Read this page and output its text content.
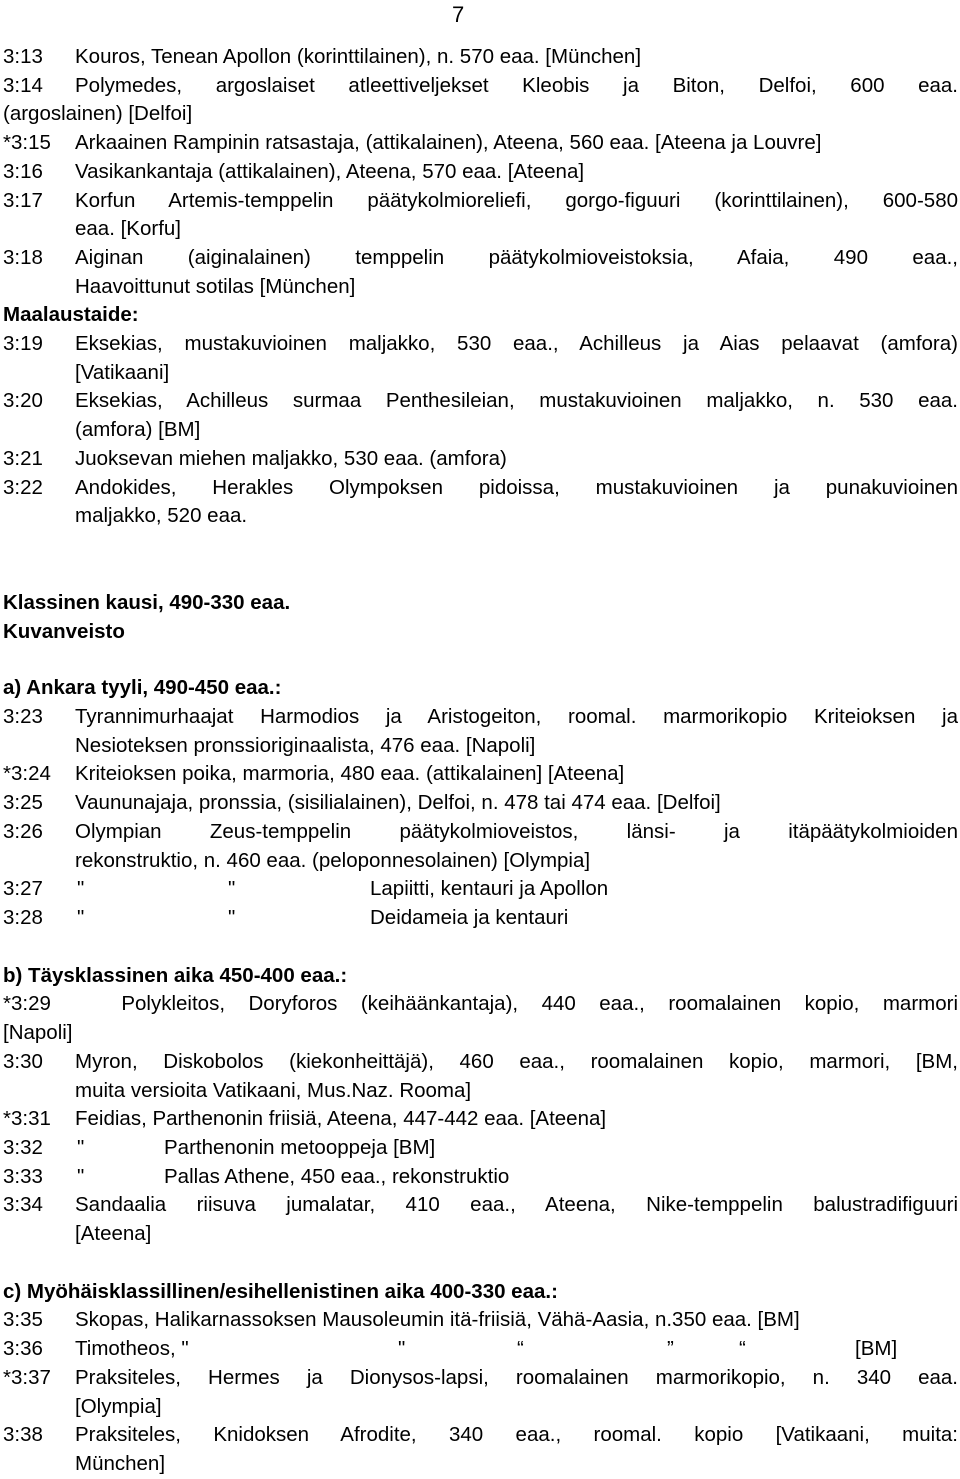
7
3:13	Kouros, Tenean Apollon (korinttilainen), n. 570 eaa. [München]
3:14	Polymedes, argoslaiset atleettiveljekset Kleobis ja Biton, Delfoi, 600 eaa.
(argoslainen) [Delfoi]
*3:15	Arkaainen Rampinin ratsastaja, (attikalainen), Ateena, 560 eaa. [Ateena ja Louvre]
3:16	Vasikankantaja (attikalainen), Ateena, 570 eaa. [Ateena]
3:17	Korfun Artemis-temppelin päätykolmioreliefi, gorgo-figuuri (korinttilainen), 600-580
eaa. [Korfu]
3:18	Aiginan (aiginalainen) temppelin päätykolmioveistoksia, Afaia, 490 eaa.,
Haavoittunut sotilas [München]
Maalaustaide:
3:19	Eksekias, mustakuvioinen maljakko, 530 eaa., Achilleus ja Aias pelaavat (amfora)
[Vatikaani]
3:20	Eksekias, Achilleus surmaa Penthesileian, mustakuvioinen maljakko, n. 530 eaa.
(amfora) [BM]
3:21	Juoksevan miehen maljakko, 530 eaa. (amfora)
3:22	Andokides, Herakles Olympoksen pidoissa, mustakuvioinen ja punakuvioinen
maljakko, 520 eaa.
Klassinen kausi, 490-330 eaa.
Kuvanveisto
a) Ankara tyyli, 490-450 eaa.:
3:23	Tyrannimurhaajat Harmodios ja Aristogeiton, roomal. marmorikopio Kriteioksen ja
Nesioteksen pronssioriginaalista, 476 eaa. [Napoli]
*3:24	Kriteioksen poika, marmoria, 480 eaa. (attikalainen] [Ateena]
3:25	Vaununajaja, pronssia, (sisilialainen), Delfoi, n. 478 tai 474 eaa. [Delfoi]
3:26	Olympian Zeus-temppelin päätykolmioveistos, länsi- ja itäpäätykolmioiden
rekonstruktio, n. 460 eaa. (peloponnesolainen) [Olympia]
3:27	"	"	Lapiitti, kentauri ja Apollon

3:28	"	"	Deidameia ja kentauri

b) Täysklassinen aika 450-400 eaa.:
*3:29	Polykleitos, Doryforos (keihäänkantaja), 440 eaa., roomalainen kopio, marmori
[Napoli]
3:30	Myron, Diskobolos (kiekonheittäjä), 460 eaa., roomalainen kopio, marmori, [BM,
muita versioita Vatikaani, Mus.Naz. Rooma]
*3:31	Feidias, Parthenonin friisiä, Ateena, 447-442 eaa. [Ateena]
3:32	"	Parthenonin metooppeja [BM]

3:33	"	Pallas Athene, 450 eaa., rekonstruktio

3:34	Sandaalia riisuva jumalatar, 410 eaa., Ateena, Nike-temppelin balustradifiguuri
[Ateena]
c) Myöhäisklassillinen/esihellenistinen aika 400-330 eaa.:
3:35	Skopas, Halikarnassoksen Mausoleumin itä-friisiä, Vähä-Aasia, n.350 eaa. [BM]
3:36	Timotheos, "	"	“	”	“	[BM]

*3:37	Praksiteles, Hermes ja Dionysos-lapsi, roomalainen marmorikopio, n. 340 eaa.
[Olympia]
3:38	Praksiteles, Knidoksen Afrodite, 340 eaa., roomal. kopio [Vatikaani, muita:
München]
